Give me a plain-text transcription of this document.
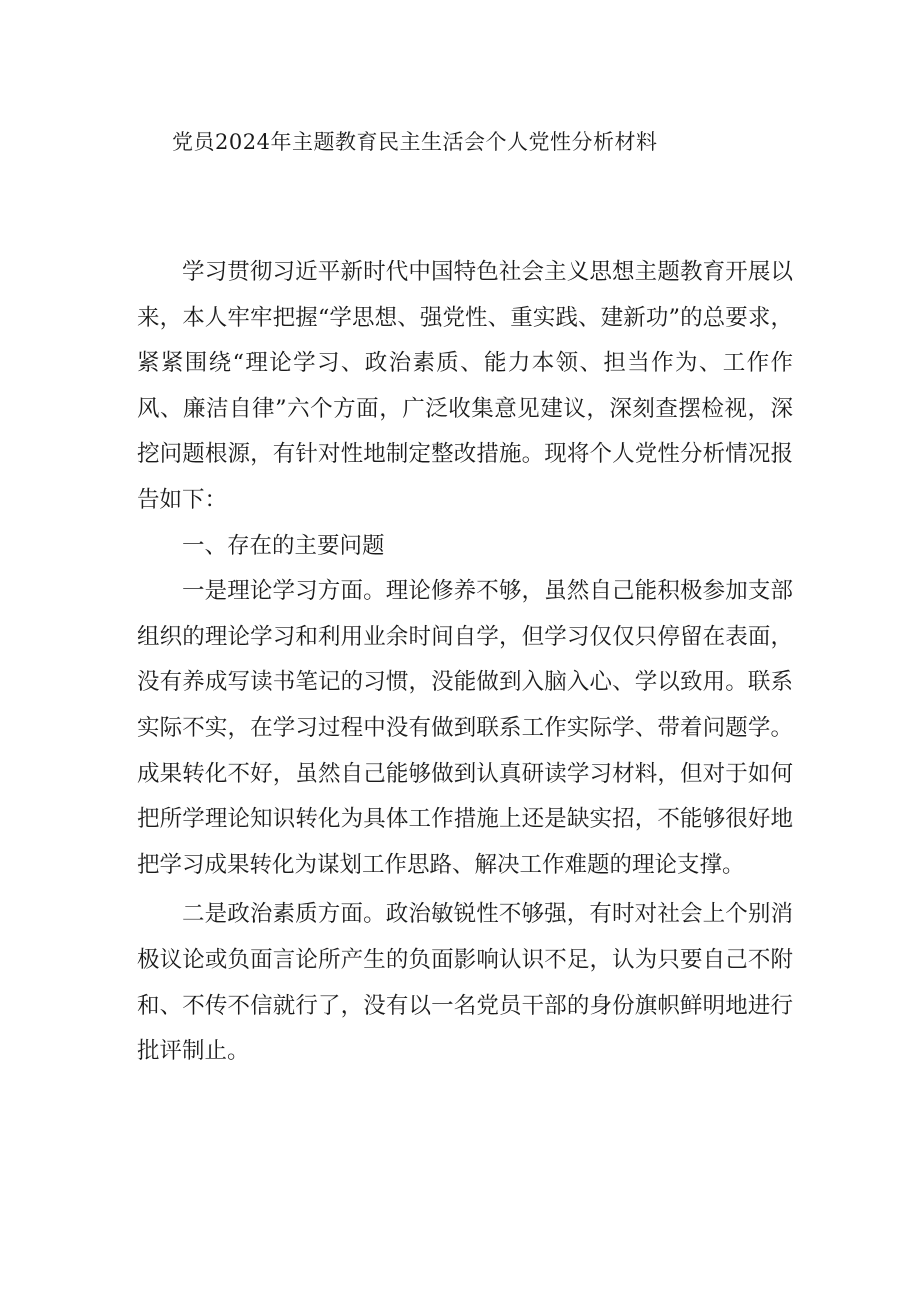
党员2024年主题教育民主生活会个人党性分析材料

学习贯彻习近平新时代中国特色社会主义思想主题教育开展以来，本人牢牢把握“学思想、强党性、重实践、建新功”的总要求，紧紧围绕“理论学习、政治素质、能力本领、担当作为、工作作风、廉洁自律”六个方面，广泛收集意见建议，深刻查摆检视，深挖问题根源，有针对性地制定整改措施。现将个人党性分析情况报告如下：

一、存在的主要问题

一是理论学习方面。理论修养不够，虽然自己能积极参加支部组织的理论学习和利用业余时间自学，但学习仅仅只停留在表面，没有养成写读书笔记的习惯，没能做到入脑入心、学以致用。联系实际不实，在学习过程中没有做到联系工作实际学、带着问题学。成果转化不好，虽然自己能够做到认真研读学习材料，但对于如何把所学理论知识转化为具体工作措施上还是缺实招，不能够很好地把学习成果转化为谋划工作思路、解决工作难题的理论支撑。

二是政治素质方面。政治敏锐性不够强，有时对社会上个别消极议论或负面言论所产生的负面影响认识不足，认为只要自己不附和、不传不信就行了，没有以一名党员干部的身份旗帜鲜明地进行批评制止。
